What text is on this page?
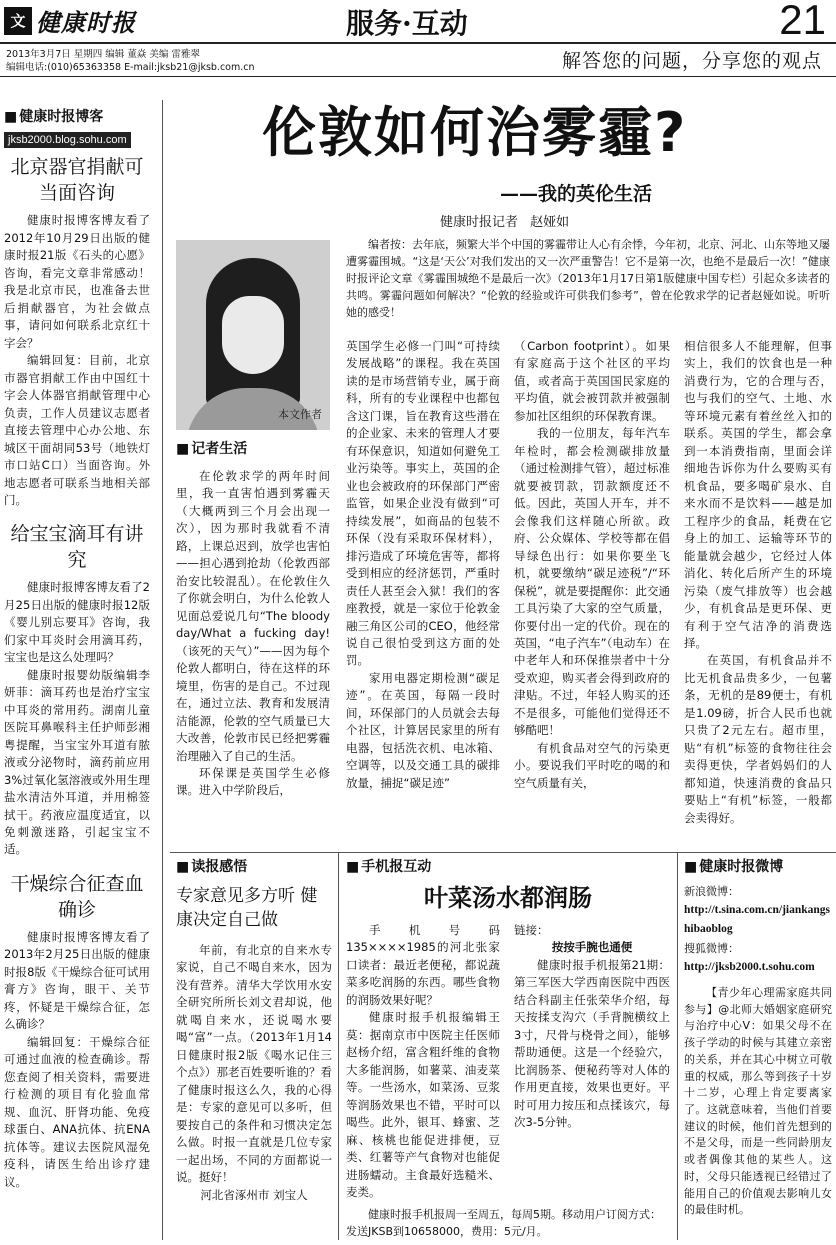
文 健康时报	服务·互动	21
2013年3月7日 星期四 编辑 董焱 美编 雷雅翠
编辑电话:(010)65363358 E-mail:jksb21@jksb.com.cn	解答您的问题，分享您的观点
■ 健康时报博客
jksb2000.blog.sohu.com
北京器官捐献可当面咨询

健康时报博客博友看了2012年10月29日出版的健康时报21版《石头的心愿》咨询，看完文章非常感动！我是北京市民，也准备去世后捐献器官，为社会做点事，请问如何联系北京红十字会？

编辑回复：目前，北京市器官捐献工作由中国红十字会人体器官捐献管理中心负责，工作人员建议志愿者直接去管理中心办公地、东城区干面胡同53号（地铁灯市口站C口）当面咨询。外地志愿者可联系当地相关部门。

给宝宝滴耳有讲究

健康时报博客博友看了2月25日出版的健康时报12版《婴儿别忘要耳》咨询，我们家中耳炎时会用滴耳药，宝宝也是这么处理吗？

健康时报婴幼版编辑李妍菲：滴耳药也是治疗宝宝中耳炎的常用药。湖南儿童医院耳鼻喉科主任护师彭湘粤提醒，当宝宝外耳道有脓液或分泌物时，滴药前应用3%过氧化氢溶液或外用生理盐水清洁外耳道，并用棉签拭干。药液应温度适宜，以免刺激迷路，引起宝宝不适。

干燥综合征查血确诊

健康时报博客博友看了2013年2月25日出版的健康时报8版《干燥综合征可试用膏方》咨询，眼干、关节疼，怀疑是干燥综合征，怎么确诊？

编辑回复：干燥综合征可通过血液的检查确诊。帮您查阅了相关资料，需要进行检测的项目有化验血常规、血沉、肝肾功能、免疫球蛋白、ANA抗体、抗ENA抗体等。建议去医院风湿免疫科，请医生给出诊疗建议。

伦敦如何治雾霾?
——我的英伦生活
健康时报记者 赵娅如
本文作者

编者按：去年底，频繁大半个中国的雾霾带让人心有余悸，今年初，北京、河北、山东等地又屡遭雾霾围城。“这是‘天公’对我们发出的又一次严重警告！它不是第一次，也绝不是最后一次！”健康时报评论文章《雾霾围城绝不是最后一次》（2013年1月17日第1版健康中国专栏）引起众多读者的共鸣。雾霾问题如何解决？“伦敦的经验或许可供我们参考”，曾在伦敦求学的记者赵娅如说。听听她的感受！

■ 记者生活

在伦敦求学的两年时间里，我一直害怕遇到雾霾天（大概两到三个月会出现一次），因为那时我就看不清路，上课总迟到，放学也害怕——担心遇到抢劫（伦敦西部治安比较混乱）。在伦敦住久了你就会明白，为什么伦敦人见面总爱说几句“The bloody day/What a fucking day!（该死的天气）”——因为每个伦敦人都明白，待在这样的环境里，伤害的是自己。不过现在，通过立法、教育和发展清洁能源，伦敦的空气质量已大大改善，伦敦市民已经把雾霾治理融入了自己的生活。

环保课是英国学生必修课。进入中学阶段后，

英国学生必修一门叫“可持续发展战略”的课程。我在英国读的是市场营销专业，属于商科，所有的专业课程中也都包含这门课，旨在教育这些潜在的企业家、未来的管理人才要有环保意识，知道如何避免工业污染等。事实上，英国的企业也会被政府的环保部门严密监管，如果企业没有做到“可持续发展”，如商品的包装不环保（没有采取环保材料），排污造成了环境危害等，都将受到相应的经济惩罚，严重时责任人甚至会入狱！我们的客座教授，就是一家位于伦敦金融三角区公司的CEO，他经常说自己很怕受到这方面的处罚。

家用电器定期检测“碳足迹”。在英国，每隔一段时间，环保部门的人员就会去每个社区，计算居民家里的所有电器，包括洗衣机、电冰箱、空调等，以及交通工具的碳排放量，捕捉“碳足迹”

（Carbon footprint）。如果有家庭高于这个社区的平均值，或者高于英国国民家庭的平均值，就会被罚款并被强制参加社区组织的环保教育课。

我的一位朋友，每年汽车年检时，都会检测碳排放量（通过检测排气管），超过标准就要被罚款，罚款额度还不低。因此，英国人开车，并不会像我们这样随心所欲。政府、公众媒体、学校等都在倡导绿色出行：如果你要坐飞机，就要缴纳“碳足迹税”/“环保税”，就是要提醒你：此交通工具污染了大家的空气质量，你要付出一定的代价。现在的英国，“电子汽车”（电动车）在中老年人和环保推崇者中十分受欢迎，购买者会得到政府的津贴。不过，年轻人购买的还不是很多，可能他们觉得还不够酷吧！

有机食品对空气的污染更小。要说我们平时吃的喝的和空气质量有关，

相信很多人不能理解，但事实上，我们的饮食也是一种消费行为，它的合理与否，也与我们的空气、土地、水等环境元素有着丝丝入扣的联系。英国的学生，都会拿到一本消费指南，里面会详细地告诉你为什么要购买有机食品，要多喝矿泉水、自来水而不是饮料——越是加工程序少的食品，耗费在它身上的加工、运输等环节的能量就会越少，它经过人体消化、转化后所产生的环境污染（废气排放等）也会越少，有机食品是更环保、更有利于空气洁净的消费选择。

在英国，有机食品并不比无机食品贵多少，一包薯条，无机的是89便士，有机是1.09磅，折合人民币也就只贵了2元左右。超市里，贴“有机”标签的食物往往会卖得更快，学者妈妈们的人都知道，快速消费的食品只要贴上“有机”标签，一般都会卖得好。

■ 读报感悟
专家意见多方听 健康决定自己做

年前，有北京的自来水专家说，自己不喝自来水，因为没有营养。清华大学饮用水安全研究所所长刘文君却说，他就喝自来水，还说喝水要喝“富”一点。（2013年1月14日健康时报2版《喝水记住三个点》）那老百姓要听谁的？看了健康时报这么久，我的心得是：专家的意见可以多听，但要按自己的条件和习惯决定怎么做。时报一直就是几位专家一起出场，不同的方面都说一说。挺好！

河北省涿州市 刘宝人

■ 手机报互动
叶菜汤水都润肠

手机号码135××××1985的河北张家口读者：最近老便秘，都说蔬菜多吃润肠的东西。哪些食物的润肠效果好呢？

健康时报手机报编辑王莫：据南京市中医院主任医师赵杨介绍，富含粗纤维的食物大多能润肠，如薯菜、油麦菜等。一些汤水，如菜汤、豆浆等润肠效果也不错，平时可以喝些。此外，银耳、蜂蜜、芝麻、核桃也能促进排便，豆类、红薯等产气食物对也能促进肠蠕动。主食最好选糙米、麦类。

链接：

按按手腕也通便

健康时报手机报第21期：第三军医大学西南医院中西医结合科副主任张荣华介绍，每天按揉支沟穴（手背腕横纹上3寸，尺骨与桡骨之间），能够帮助通便。这是一个经验穴，比润肠茶、便秘药等对人体的作用更直接，效果也更好。平时可用力按压和点揉该穴，每次3-5分钟。

健康时报手机报周一至周五，每周5期。移动用户订阅方式：发送JKSB到10658000，费用：5元/月。

■ 健康时报微博
新浪微博：
http://t.sina.com.cn/jiankangshibaoblog
搜狐微博：
http://jksb2000.t.sohu.com

【青少年心理需家庭共同参与】@北师大婚姻家庭研究与治疗中心V：如果父母不在孩子学动的时候与其建立亲密的关系，并在其心中树立可敬重的权威，那么等到孩子十岁十二岁，心理上肯定要离家了。这就意味着，当他们首要建议的时候，他们首先想到的不是父母，而是一些同龄朋友或者偶像其他的某些人。这时，父母只能透视已经错过了能用自己的价值观去影响儿女的最佳时机。
